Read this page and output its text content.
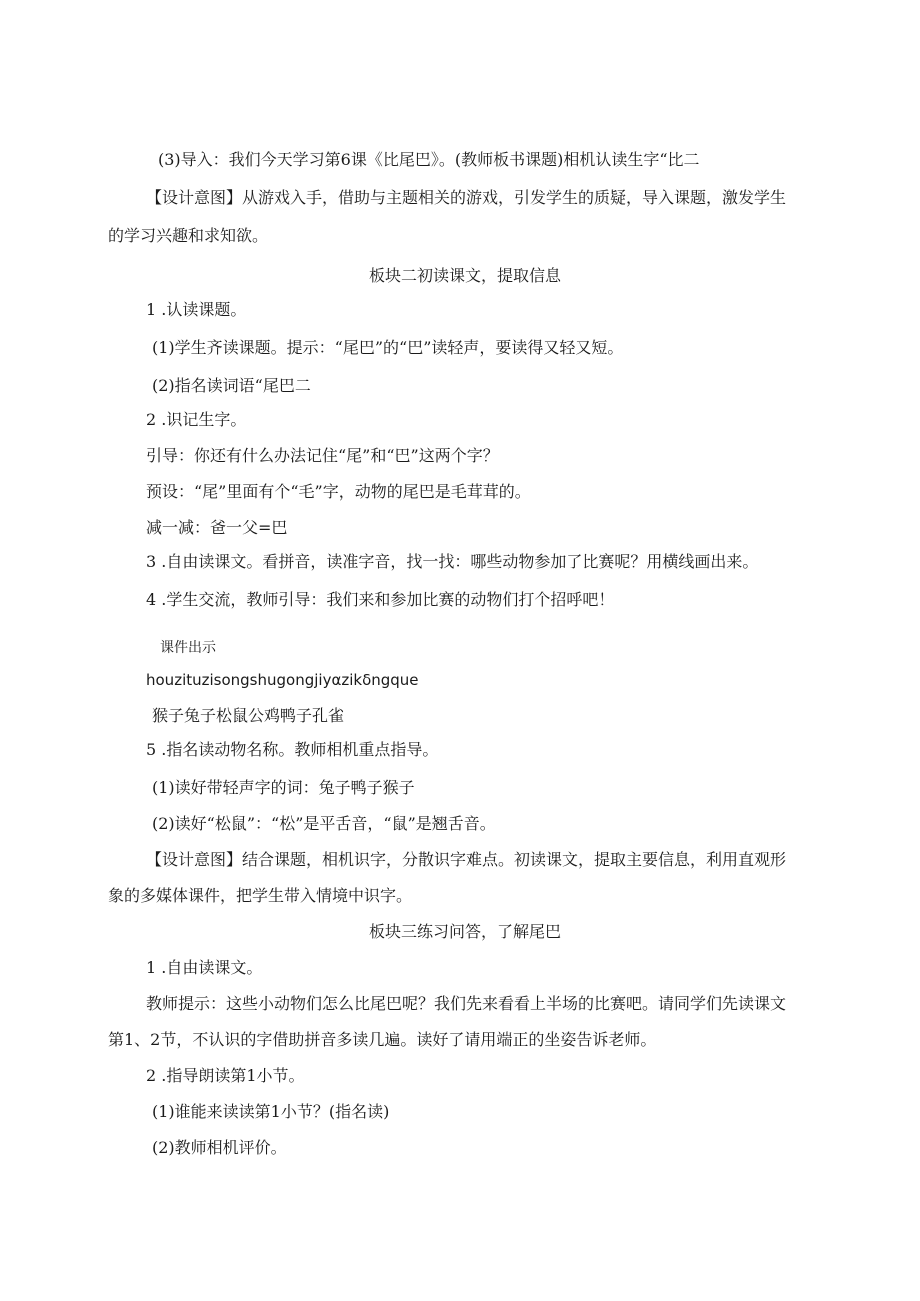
(3)导入：我们今天学习第6课《比尾巴》。(教师板书课题)相机认读生字“比二
【设计意图】从游戏入手，借助与主题相关的游戏，引发学生的质疑，导入课题，激发学生
的学习兴趣和求知欲。
板块二初读课文，提取信息
1 .认读课题。
(1)学生齐读课题。提示：“尾巴”的“巴”读轻声，要读得又轻又短。
(2)指名读词语“尾巴二
2 .识记生字。
引导：你还有什么办法记住“尾”和“巴”这两个字？
预设：“尾”里面有个“毛”字，动物的尾巴是毛茸茸的。
减一减：爸一父=巴
3 .自由读课文。看拼音，读准字音，找一找：哪些动物参加了比赛呢？用横线画出来。
4 .学生交流，教师引导：我们来和参加比赛的动物们打个招呼吧！
课件出示
houzituzisongshugongjiyαzikδngque
猴子兔子松鼠公鸡鸭子孔雀
5 .指名读动物名称。教师相机重点指导。
(1)读好带轻声字的词：兔子鸭子猴子
(2)读好“松鼠”：“松”是平舌音，“鼠”是翘舌音。
【设计意图】结合课题，相机识字，分散识字难点。初读课文，提取主要信息，利用直观形
象的多媒体课件，把学生带入情境中识字。
板块三练习问答，了解尾巴
1 .自由读课文。
教师提示：这些小动物们怎么比尾巴呢？我们先来看看上半场的比赛吧。请同学们先读课文
第1、2节，不认识的字借助拼音多读几遍。读好了请用端正的坐姿告诉老师。
2 .指导朗读第1小节。
(1)谁能来读读第1小节？(指名读)
(2)教师相机评价。
